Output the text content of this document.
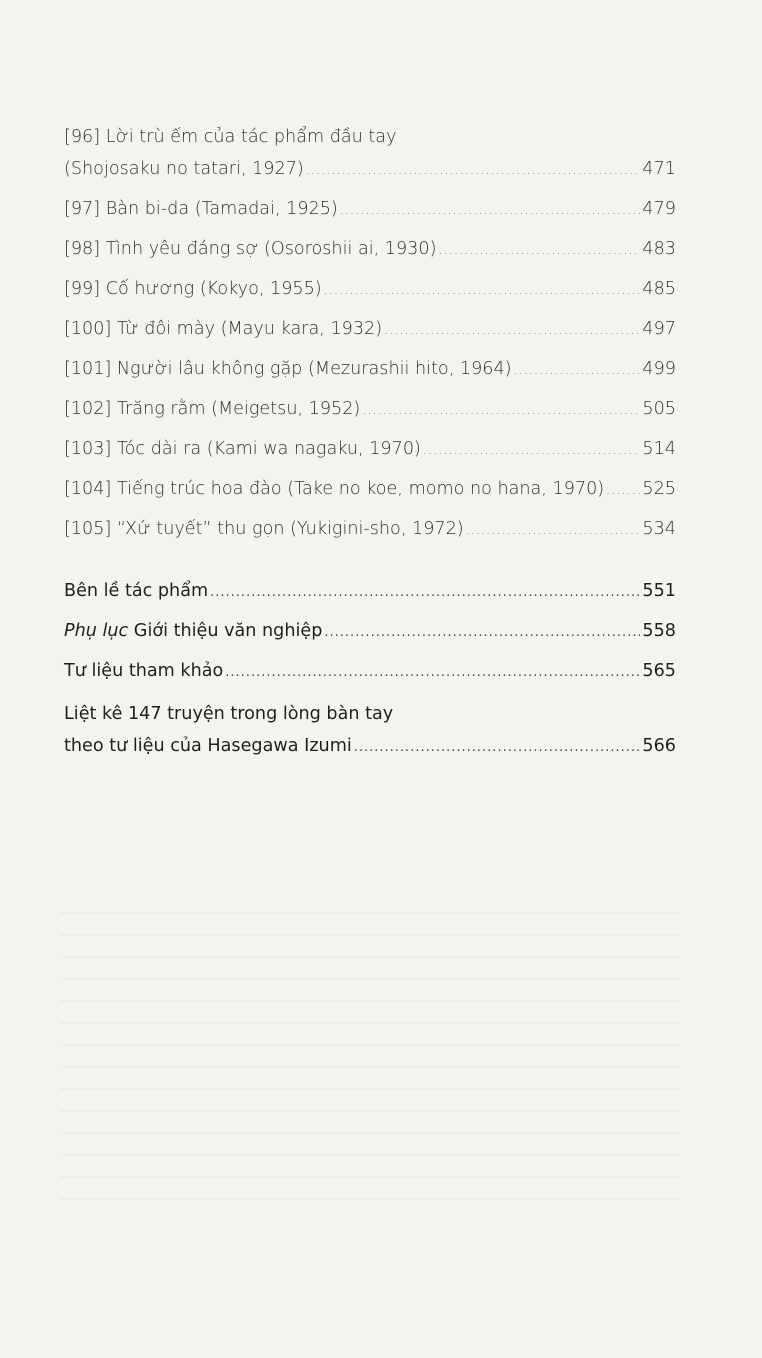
[96] Lời trù ếm của tác phẩm đầu tay
(Shojosaku no tatari, 1927) .....	471
[97] Bàn bi-da (Tamadai, 1925) .....	479
[98] Tình yêu đáng sợ (Osoroshii ai, 1930) .....	483
[99] Cố hương (Kokyo, 1955) .....	485
[100] Từ đôi mày (Mayu kara, 1932) .....	497
[101] Người lâu không gặp (Mezurashii hito, 1964) .....	499
[102] Trăng rằm (Meigetsu, 1952) .....	505
[103] Tóc dài ra (Kami wa nagaku, 1970) .....	514
[104] Tiếng trúc hoa đào (Take no koe, momo no hana, 1970) ..... 525
[105] “Xứ tuyết” thu gọn (Yukigini-sho, 1972) .....	534
Bên lề tác phẩm .....	551
Phụ lục Giới thiệu văn nghiệp .....	558
Tư liệu tham khảo .....	565
Liệt kê 147 truyện trong lòng bàn tay
theo tư liệu của Hasegawa Izumi .....	566
